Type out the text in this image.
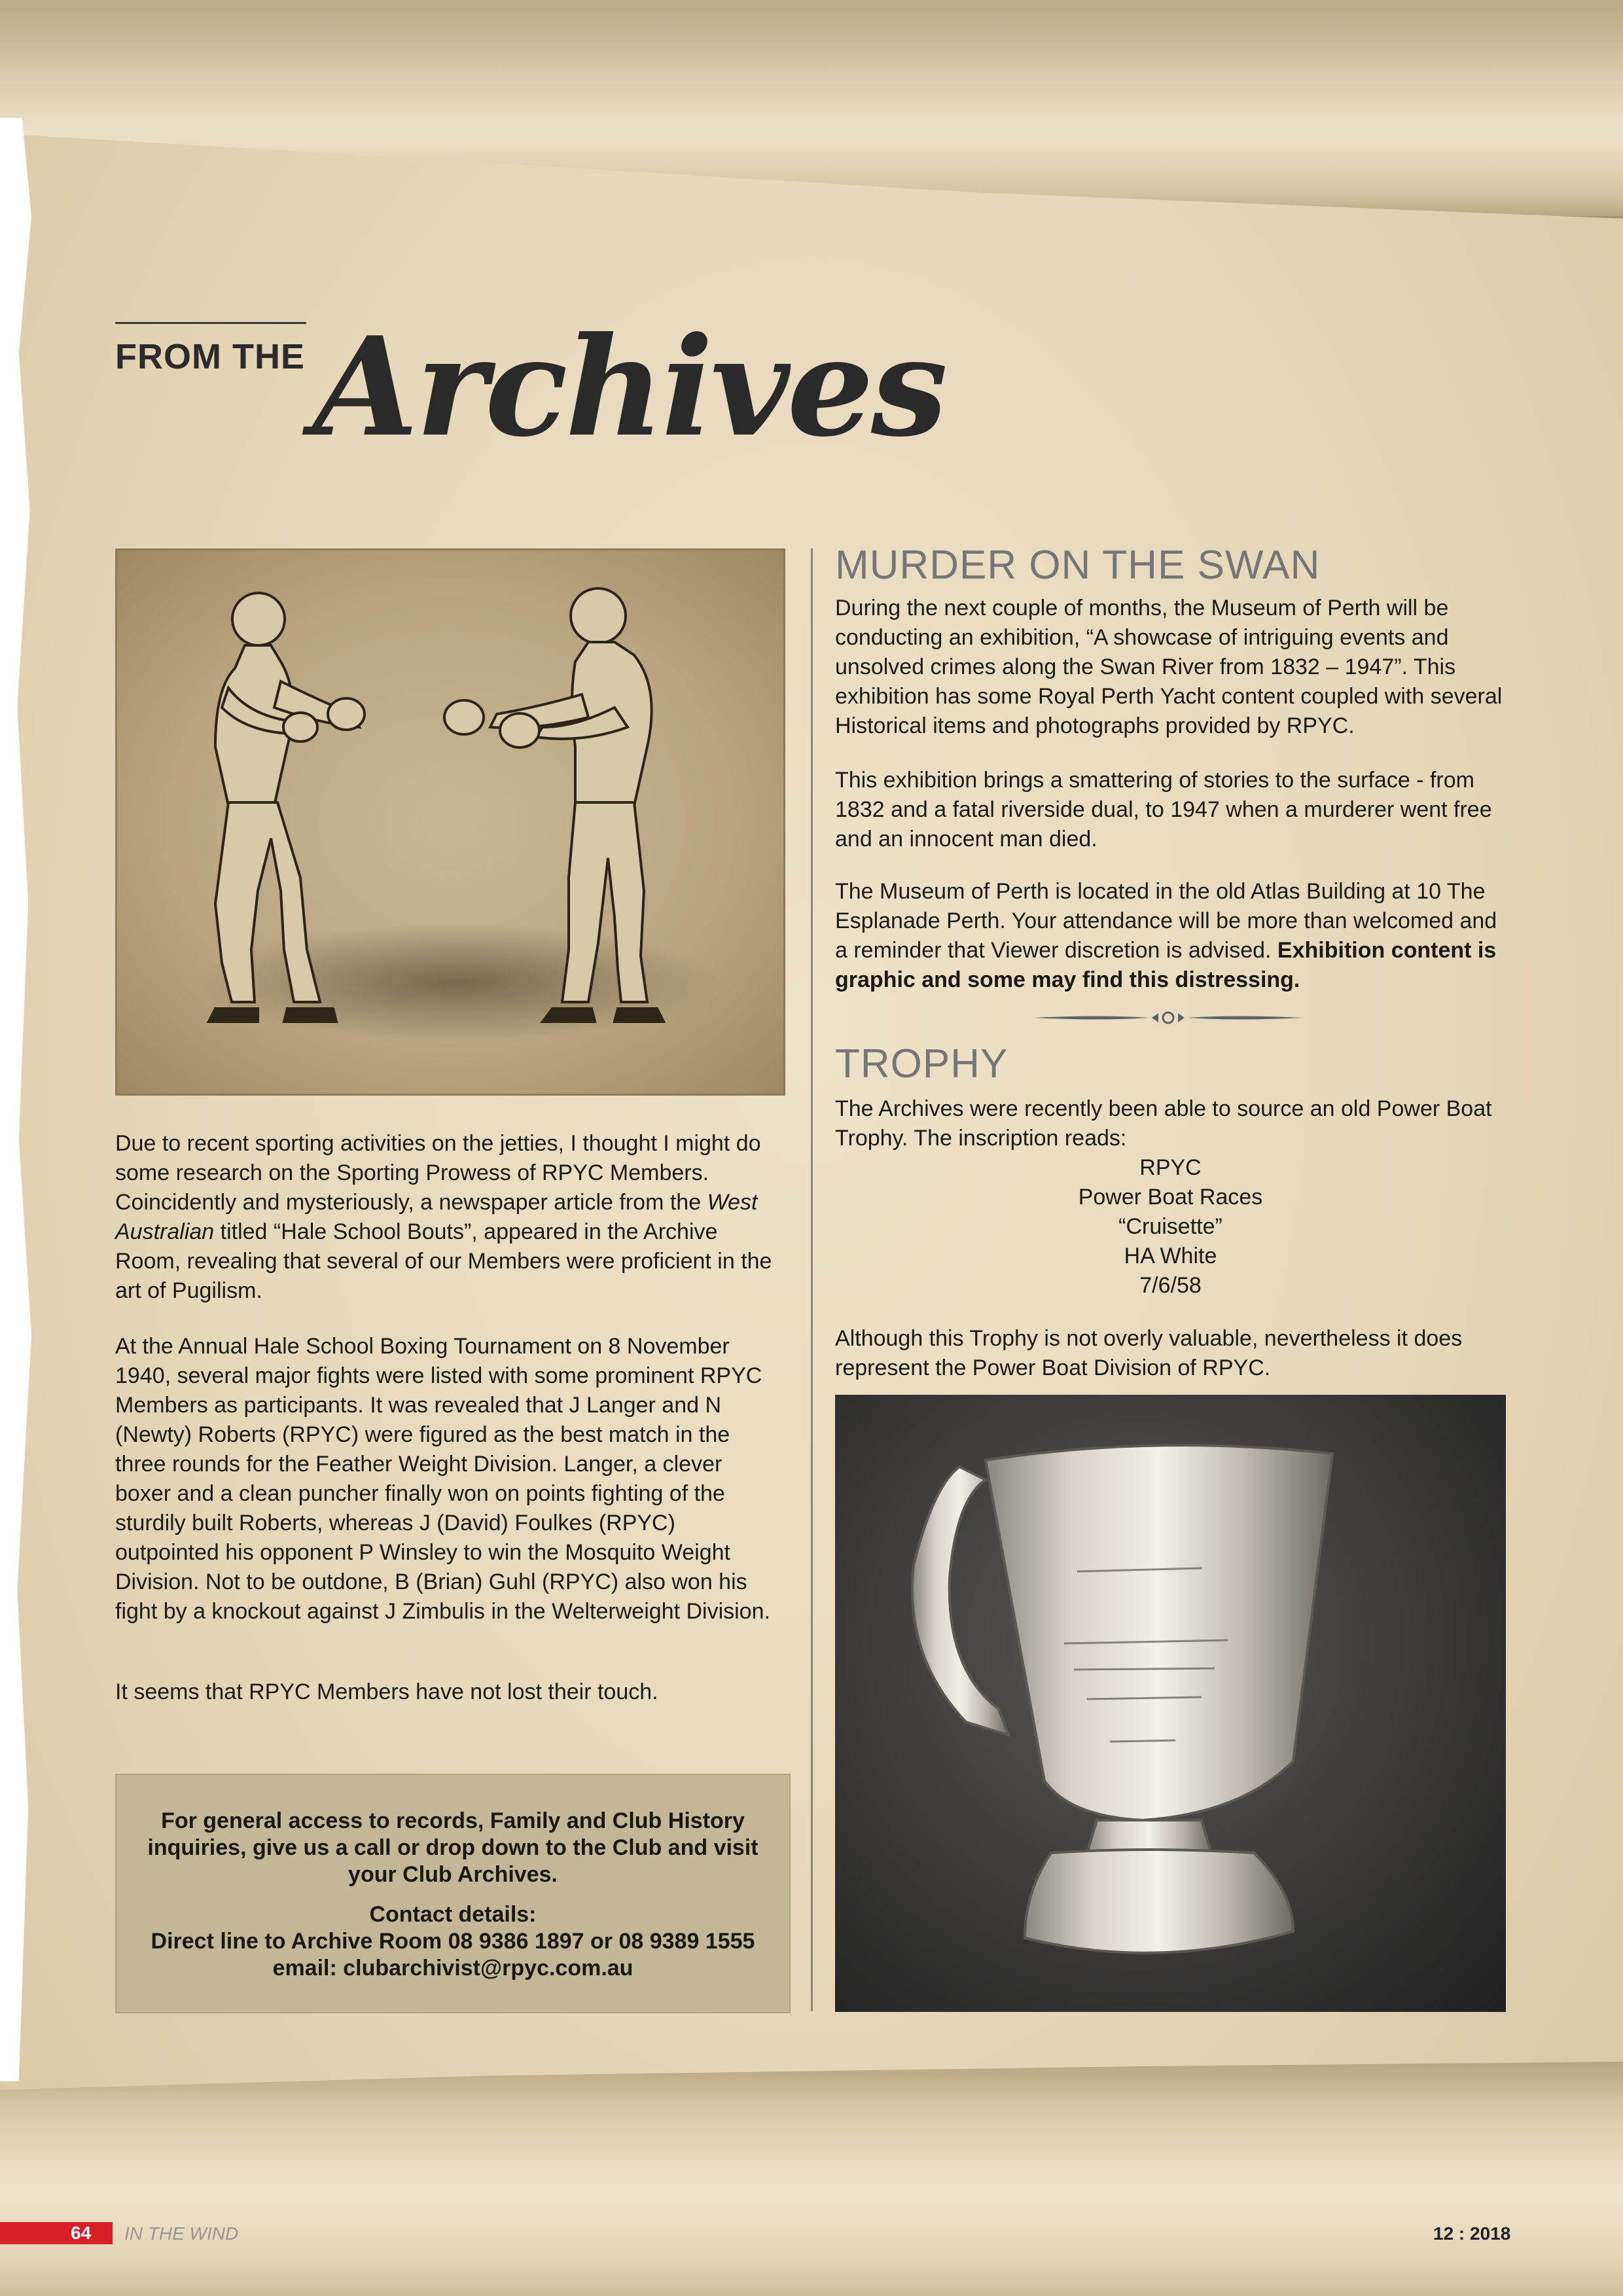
FROM THE Archives

Due to recent sporting activities on the jetties, I thought I might do some research on the Sporting Prowess of RPYC Members. Coincidently and mysteriously, a newspaper article from the West Australian titled “Hale School Bouts”, appeared in the Archive Room, revealing that several of our Members were proficient in the art of Pugilism.

At the Annual Hale School Boxing Tournament on 8 November 1940, several major fights were listed with some prominent RPYC Members as participants. It was revealed that J Langer and N (Newty) Roberts (RPYC) were figured as the best match in the three rounds for the Feather Weight Division. Langer, a clever boxer and a clean puncher finally won on points fighting of the sturdily built Roberts, whereas J (David) Foulkes (RPYC) outpointed his opponent P Winsley to win the Mosquito Weight Division. Not to be outdone, B (Brian) Guhl (RPYC) also won his fight by a knockout against J Zimbulis in the Welterweight Division.

It seems that RPYC Members have not lost their touch.

For general access to records, Family and Club History inquiries, give us a call or drop down to the Club and visit your Club Archives.

Contact details:

Direct line to Archive Room 08 9386 1897 or 08 9389 1555

email: clubarchivist@rpyc.com.au

MURDER ON THE SWAN

During the next couple of months, the Museum of Perth will be conducting an exhibition, “A showcase of intriguing events and unsolved crimes along the Swan River from 1832 – 1947”. This exhibition has some Royal Perth Yacht content coupled with several Historical items and photographs provided by RPYC.

This exhibition brings a smattering of stories to the surface - from 1832 and a fatal riverside dual, to 1947 when a murderer went free and an innocent man died.

The Museum of Perth is located in the old Atlas Building at 10 The Esplanade Perth. Your attendance will be more than welcomed and a reminder that Viewer discretion is advised. Exhibition content is graphic and some may find this distressing.

TROPHY

The Archives were recently been able to source an old Power Boat Trophy. The inscription reads:

RPYC
Power Boat Races
“Cruisette”
HA White
7/6/58

Although this Trophy is not overly valuable, nevertheless it does represent the Power Boat Division of RPYC.

64 IN THE WIND	12 : 2018
